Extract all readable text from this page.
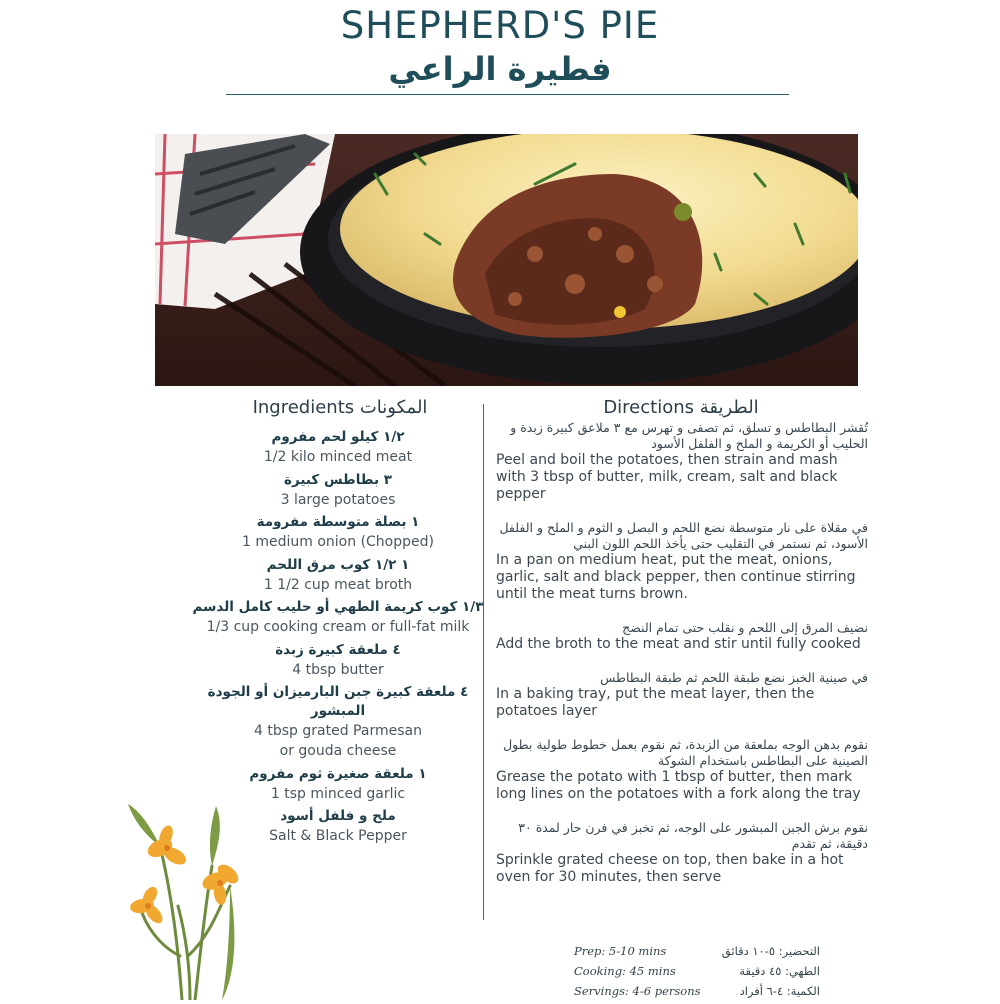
SHEPHERD'S PIE
فطيرة الراعي
Ingredients المكونات
١/٢ كيلو لحم مفروم
1/2 kilo minced meat
٣ بطاطس كبيرة
3 large potatoes
١ بصلة متوسطة مفرومة
1 medium onion (Chopped)
١ ١/٢ كوب مرق اللحم
1 1/2 cup meat broth
١/٣ كوب كريمة الطهي أو حليب كامل الدسم
1/3 cup cooking cream or full-fat milk
٤ ملعقة كبيرة زبدة
4 tbsp butter
٤ ملعقة كبيرة جبن البارميزان أو الجودة المبشور
4 tbsp grated Parmesan or gouda cheese
١ ملعقة صغيرة ثوم مفروم
1 tsp minced garlic
ملح و فلفل أسود
Salt & Black Pepper
Directions الطريقة
تُقشر البطاطس و تسلق، ثم تصفى و تهرس مع ٣ ملاعق كبيرة زبدة و الحليب أو الكريمة و الملح و الفلفل الأسود
Peel and boil the potatoes, then strain and mash with 3 tbsp of butter, milk, cream, salt and black pepper
في مقلاة على نار متوسطة نضع اللحم و البصل و الثوم و الملح و الفلفل الأسود، ثم نستمر في التقليب حتى يأخذ اللحم اللون البني
In a pan on medium heat, put the meat, onions, garlic, salt and black pepper, then continue stirring until the meat turns brown.
نضيف المرق إلى اللحم و نقلب حتى تمام النضج
Add the broth to the meat and stir until fully cooked
في صينية الخبز نضع طبقة اللحم ثم طبقة البطاطس
In a baking tray, put the meat layer, then the potatoes layer
نقوم بدهن الوجه بملعقة من الزبدة، ثم نقوم بعمل خطوط طولية بطول الصينية على البطاطس باستخدام الشوكة
Grease the potato with 1 tbsp of butter, then mark long lines on the potatoes with a fork along the tray
نقوم برش الجبن المبشور على الوجه، ثم تخبز في فرن حار لمدة ٣٠ دقيقة، ثم تقدم
Sprinkle grated cheese on top, then bake in a hot oven for 30 minutes, then serve
Prep: 5-10 mins	التحضير: ٥-١٠ دقائق
Cooking: 45 mins	الطهي: ٤٥ دقيقة
Servings: 4-6 persons	الكمية: ٤-٦ أفراد
